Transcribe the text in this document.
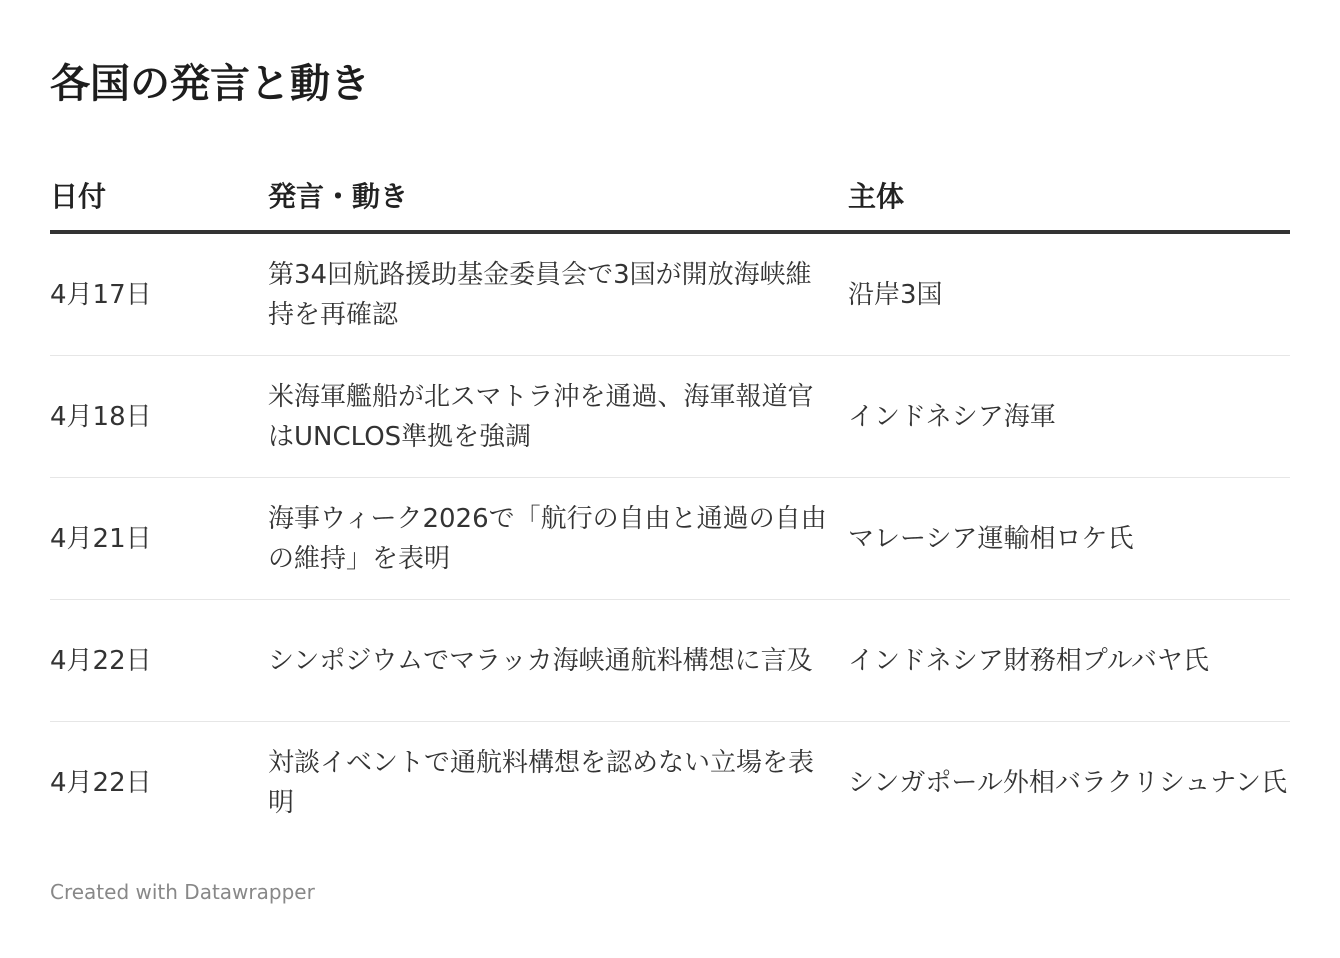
各国の発言と動き
日付	発言・動き	主体
4月17日	第34回航路援助基金委員会で3国が開放海峡維持を再確認	沿岸3国
4月18日	米海軍艦船が北スマトラ沖を通過、海軍報道官はUNCLOS準拠を強調	インドネシア海軍
4月21日	海事ウィーク2026で「航行の自由と通過の自由の維持」を表明	マレーシア運輸相ロケ氏
4月22日	シンポジウムでマラッカ海峡通航料構想に言及	インドネシア財務相プルバヤ氏
4月22日	対談イベントで通航料構想を認めない立場を表明	シンガポール外相バラクリシュナン氏
Created with Datawrapper
